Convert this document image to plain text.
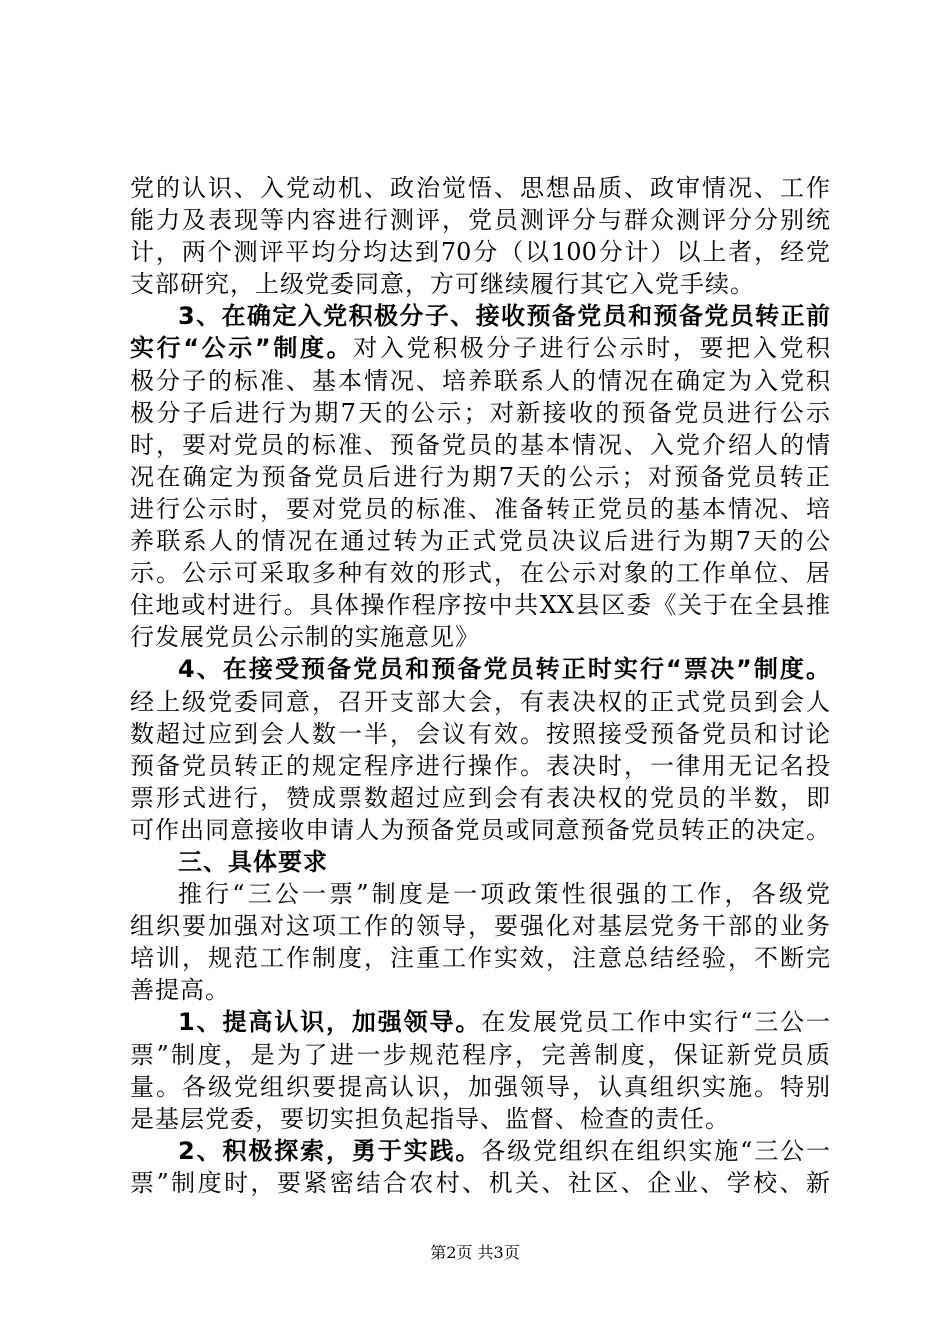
党的认识、入党动机、政治觉悟、思想品质、政审情况、工作
能力及表现等内容进行测评，党员测评分与群众测评分分别统
计，两个测评平均分均达到70分（以100分计）以上者，经党
支部研究，上级党委同意，方可继续履行其它入党手续。
3、在确定入党积极分子、接收预备党员和预备党员转正前
实行“公示”制度。对入党积极分子进行公示时，要把入党积
极分子的标准、基本情况、培养联系人的情况在确定为入党积
极分子后进行为期7天的公示；对新接收的预备党员进行公示
时，要对党员的标准、预备党员的基本情况、入党介绍人的情
况在确定为预备党员后进行为期7天的公示；对预备党员转正
进行公示时，要对党员的标准、准备转正党员的基本情况、培
养联系人的情况在通过转为正式党员决议后进行为期7天的公
示。公示可采取多种有效的形式，在公示对象的工作单位、居
住地或村进行。具体操作程序按中共XX县区委《关于在全县推
行发展党员公示制的实施意见》
4、在接受预备党员和预备党员转正时实行“票决”制度。
经上级党委同意，召开支部大会，有表决权的正式党员到会人
数超过应到会人数一半，会议有效。按照接受预备党员和讨论
预备党员转正的规定程序进行操作。表决时，一律用无记名投
票形式进行，赞成票数超过应到会有表决权的党员的半数，即
可作出同意接收申请人为预备党员或同意预备党员转正的决定。
三、具体要求
推行“三公一票”制度是一项政策性很强的工作，各级党
组织要加强对这项工作的领导，要强化对基层党务干部的业务
培训，规范工作制度，注重工作实效，注意总结经验，不断完
善提高。
1、提高认识，加强领导。在发展党员工作中实行“三公一
票”制度，是为了进一步规范程序，完善制度，保证新党员质
量。各级党组织要提高认识，加强领导，认真组织实施。特别
是基层党委，要切实担负起指导、监督、检查的责任。
2、积极探索，勇于实践。各级党组织在组织实施“三公一
票”制度时，要紧密结合农村、机关、社区、企业、学校、新
第2页 共3页
